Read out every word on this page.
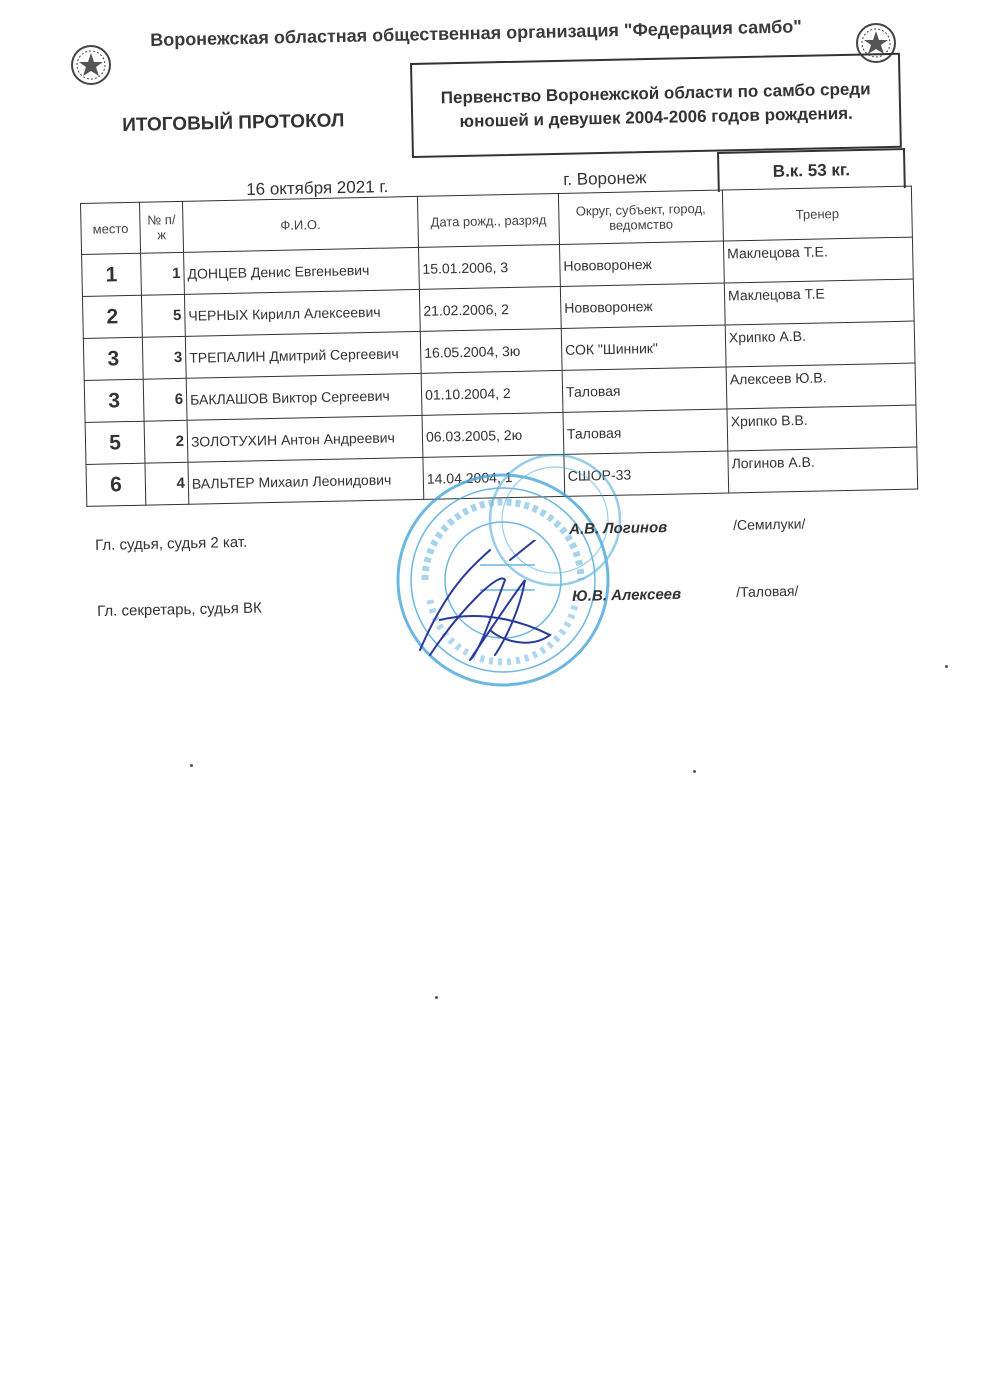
Воронежская областная общественная организация "Федерация самбо"
ИТОГОВЫЙ ПРОТОКОЛ
Первенство Воронежской области по самбо среди
юношей и девушек 2004-2006 годов рождения.
16 октября 2021 г.	г. Воронеж	В.к. 53 кг.
место	№ п/ж	Ф.И.О.	Дата рожд., разряд	Округ, субъект, город, ведомство	Тренер
1	1	ДОНЦЕВ Денис Евгеньевич	15.01.2006, 3	Нововоронеж	Маклецова Т.Е.
2	5	ЧЕРНЫХ Кирилл Алексеевич	21.02.2006, 2	Нововоронеж	Маклецова Т.Е
3	3	ТРЕПАЛИН Дмитрий Сергеевич	16.05.2004, 3ю	СОК "Шинник"	Хрипко А.В.
3	6	БАКЛАШОВ Виктор Сергеевич	01.10.2004, 2	Таловая	Алексеев Ю.В.
5	2	ЗОЛОТУХИН Антон Андреевич	06.03.2005, 2ю	Таловая	Хрипко В.В.
6	4	ВАЛЬТЕР Михаил Леонидович	14.04.2004, 1	СШОР-33	Логинов А.В.
Гл. судья, судья 2 кат.
А.В. Логинов	/Семилуки/
Гл. секретарь, судья ВК
Ю.В. Алексеев	/Таловая/
